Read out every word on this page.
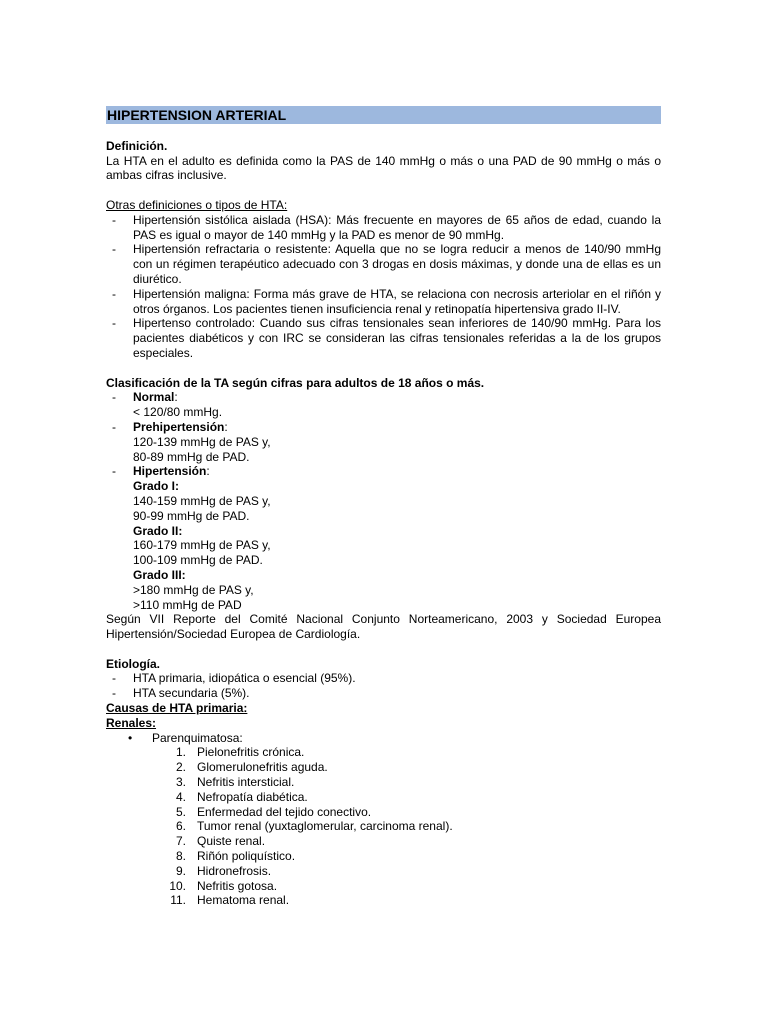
HIPERTENSION ARTERIAL
Definición.
La HTA en el adulto es definida como la PAS de 140 mmHg o más o una PAD de 90 mmHg o más o ambas cifras inclusive.
Otras definiciones o tipos de HTA:
- Hipertensión sistólica aislada (HSA): Más frecuente en mayores de 65 años de edad, cuando la PAS es igual o mayor de 140 mmHg y la PAD es menor de 90 mmHg.
- Hipertensión refractaria o resistente: Aquella que no se logra reducir a menos de 140/90 mmHg con un régimen terapéutico adecuado con 3 drogas en dosis máximas, y donde una de ellas es un diurético.
- Hipertensión maligna: Forma más grave de HTA, se relaciona con necrosis arteriolar en el riñón y otros órganos. Los pacientes tienen insuficiencia renal y retinopatía hipertensiva grado II-IV.
- Hipertenso controlado: Cuando sus cifras tensionales sean inferiores de 140/90 mmHg. Para los pacientes diabéticos y con IRC se consideran las cifras tensionales referidas a la de los grupos especiales.
Clasificación de la TA según cifras para adultos de 18 años o más.
- Normal:
< 120/80 mmHg.
- Prehipertensión:
120-139 mmHg de PAS y,
80-89 mmHg de PAD.
- Hipertensión:
Grado I:
140-159 mmHg de PAS y,
90-99 mmHg de PAD.
Grado II:
160-179 mmHg de PAS y,
100-109 mmHg de PAD.
Grado III:
>180 mmHg de PAS y,
>110 mmHg de PAD
Según VII Reporte del Comité Nacional Conjunto Norteamericano, 2003 y Sociedad Europea Hipertensión/Sociedad Europea de Cardiología.
Etiología.
- HTA primaria, idiopática o esencial (95%).
- HTA secundaria (5%).
Causas de HTA primaria:
Renales:
• Parenquimatosa:
1. Pielonefritis crónica.
2. Glomerulonefritis aguda.
3. Nefritis intersticial.
4. Nefropatía diabética.
5. Enfermedad del tejido conectivo.
6. Tumor renal (yuxtaglomerular, carcinoma renal).
7. Quiste renal.
8. Riñón poliquístico.
9. Hidronefrosis.
10. Nefritis gotosa.
11. Hematoma renal.
